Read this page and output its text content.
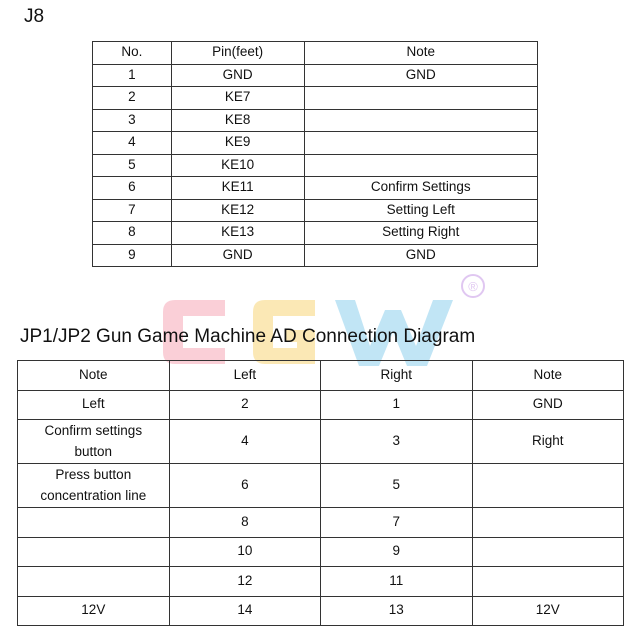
J8
No.	Pin(feet)	Note
1	GND	GND
2	KE7	
3	KE8	
4	KE9	
5	KE10	
6	KE11	Confirm Settings
7	KE12	Setting Left
8	KE13	Setting Right
9	GND	GND
®
JP1/JP2 Gun Game Machine AD Connection Diagram
Note	Left	Right	Note
Left	2	1	GND
Confirm settings button	4	3	Right
Press button concentration line	6	5	
	8	7	
	10	9	
	12	11	
12V	14	13	12V
